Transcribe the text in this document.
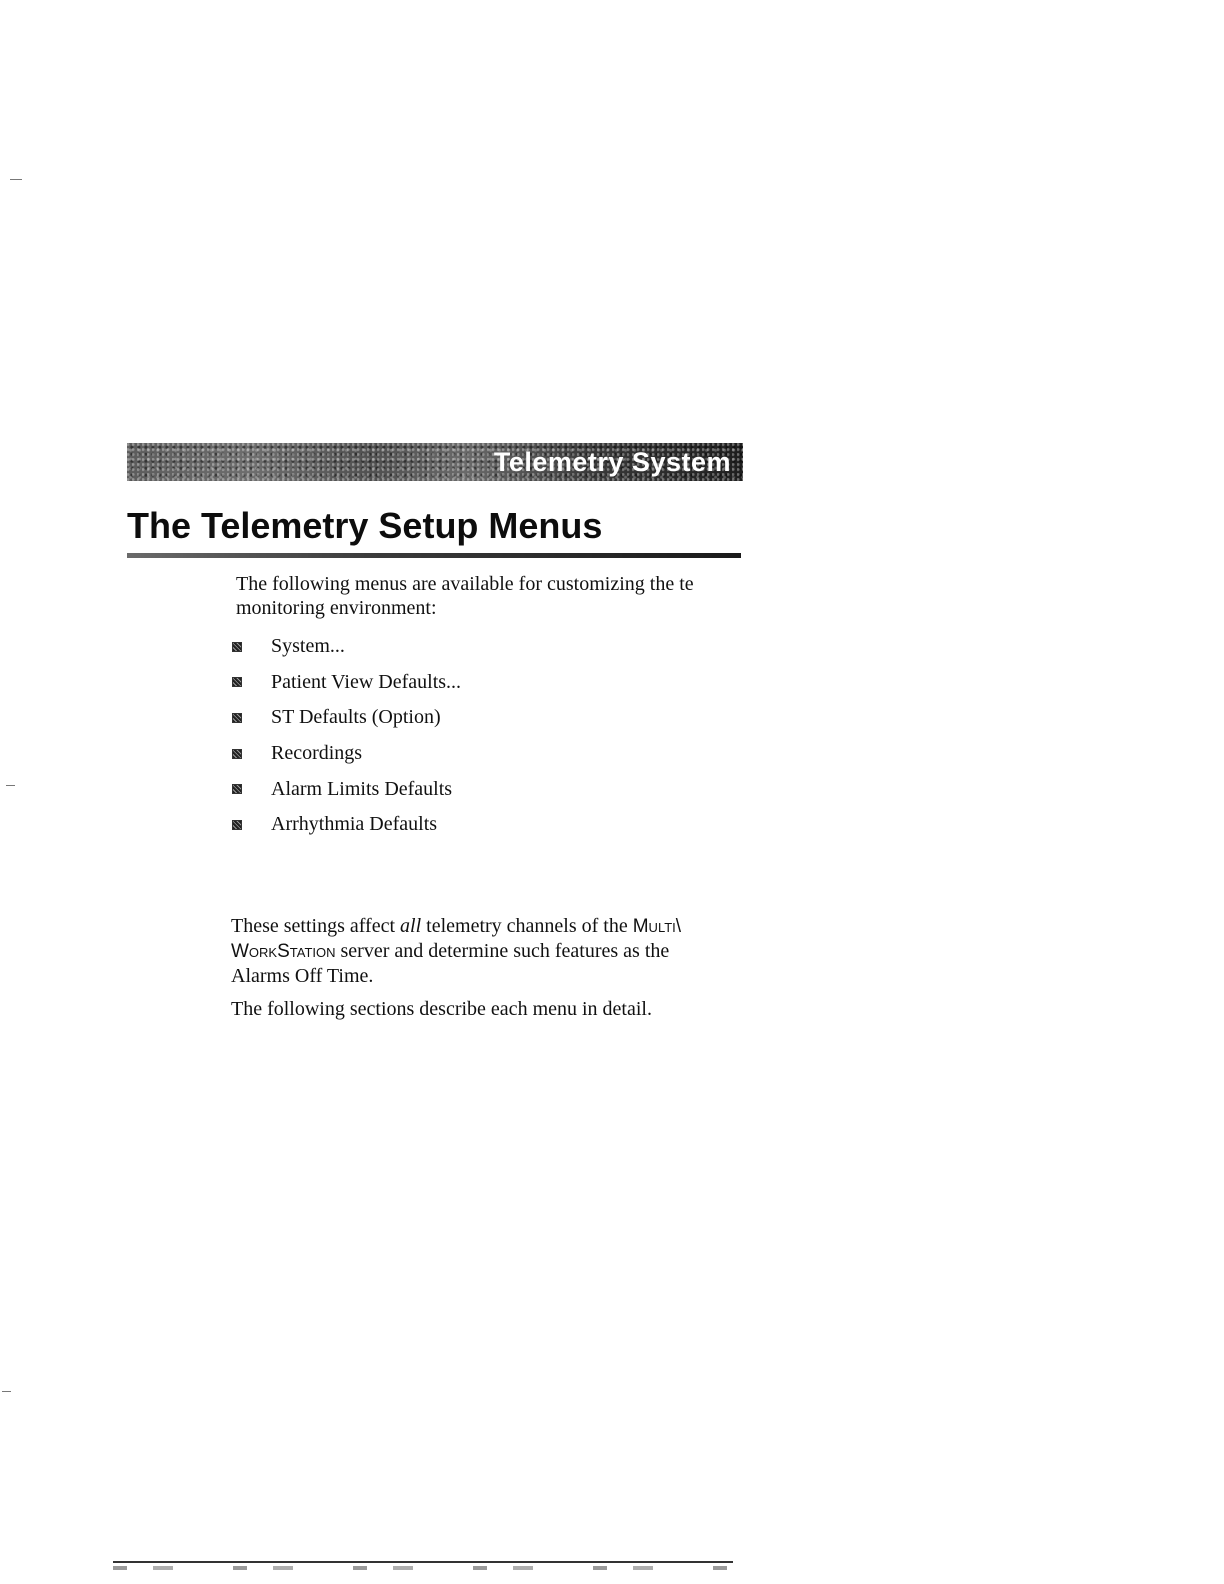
Telemetry System
The Telemetry Setup Menus
The following menus are available for customizing the te
monitoring environment:
System...
Patient View Defaults...
ST Defaults (Option)
Recordings
Alarm Limits Defaults
Arrhythmia Defaults
These settings affect all telemetry channels of the Multi\
WorkStation server and determine such features as the
Alarms Off Time.
The following sections describe each menu in detail.
